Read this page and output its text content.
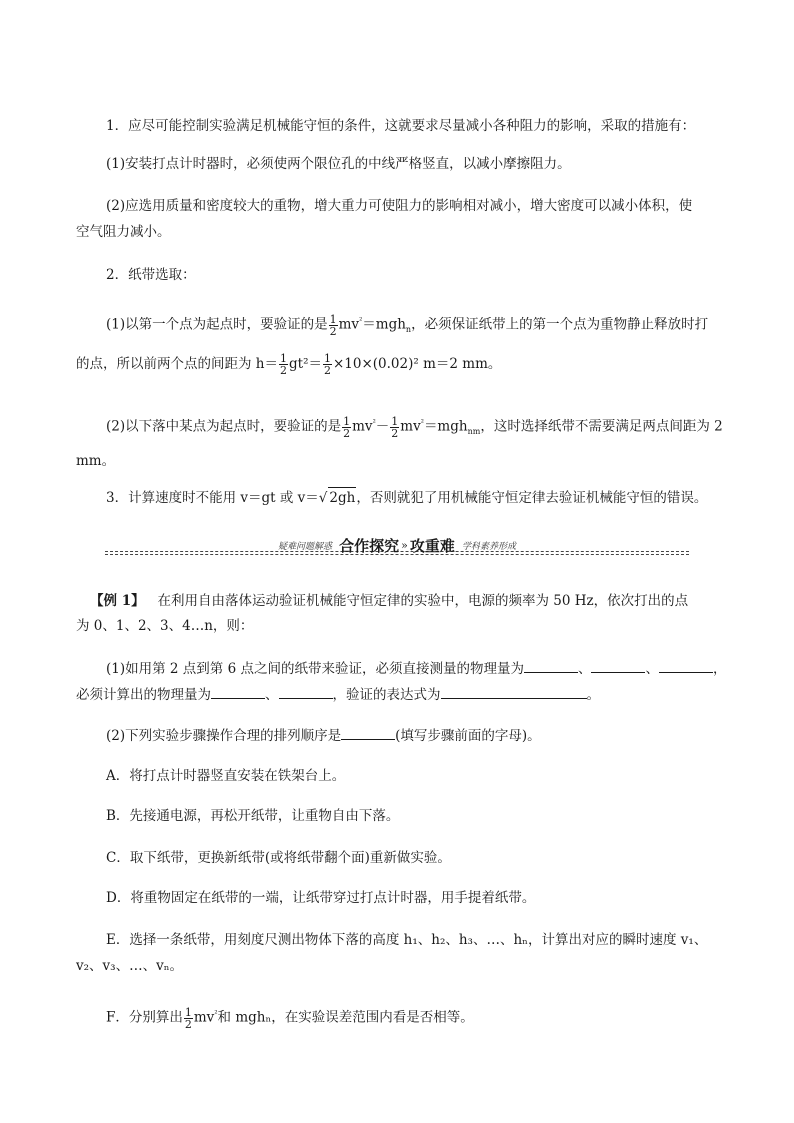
1．应尽可能控制实验满足机械能守恒的条件，这就要求尽量减小各种阻力的影响，采取的措施有：
(1)安装打点计时器时，必须使两个限位孔的中线严格竖直，以减小摩擦阻力。
(2)应选用质量和密度较大的重物，增大重力可使阻力的影响相对减小，增大密度可以减小体积，使
空气阻力减小。
2．纸带选取：
(1)以第一个点为起点时，要验证的是 $\frac{1}{2} mv^{^2}=mgh_n$，必须保证纸带上的第一个点为重物静止释放时打
的点，所以前两个点的间距为 $h= \frac{1}{2} gt^2= \frac{1}{2} \times 10\times(0.02)^2$ m＝2 mm。
(2)以下落中某点为起点时，要验证的是 $\frac{1}{2} mv^{^2}- \frac{1}{2} mv^{^2}=mgh_{nm}$，这时选择纸带不需要满足两点间距为 2
mm。
3．计算速度时不能用 v＝gt 或 v＝√ 2gh，否则就犯了用机械能守恒定律去验证机械能守恒的错误。
疑难问题解惑 合作探究 » 攻重难 学科素养形成
【例 1】 在利用自由落体运动验证机械能守恒定律的实验中，电源的频率为 50 Hz，依次打出的点
为 0、1、2、3、4…n，则：
(1)如用第 2 点到第 6 点之间的纸带来验证，必须直接测量的物理量为	、	、	，
必须计算出的物理量为	、	，验证的表达式为	。
(2)下列实验步骤操作合理的排列顺序是	(填写步骤前面的字母)。
A．将打点计时器竖直安装在铁架台上。
B．先接通电源，再松开纸带，让重物自由下落。
C．取下纸带，更换新纸带(或将纸带翻个面)重新做实验。
D．将重物固定在纸带的一端，让纸带穿过打点计时器，用手提着纸带。
E．选择一条纸带，用刻度尺测出物体下落的高度 h₁、h₂、h₃、…、hₙ，计算出对应的瞬时速度 v₁、
v₂、v₃、…、vₙ。
F．分别算出 $\frac{1}{2} mv^{^2}$和 mghₙ，在实验误差范围内看是否相等。
